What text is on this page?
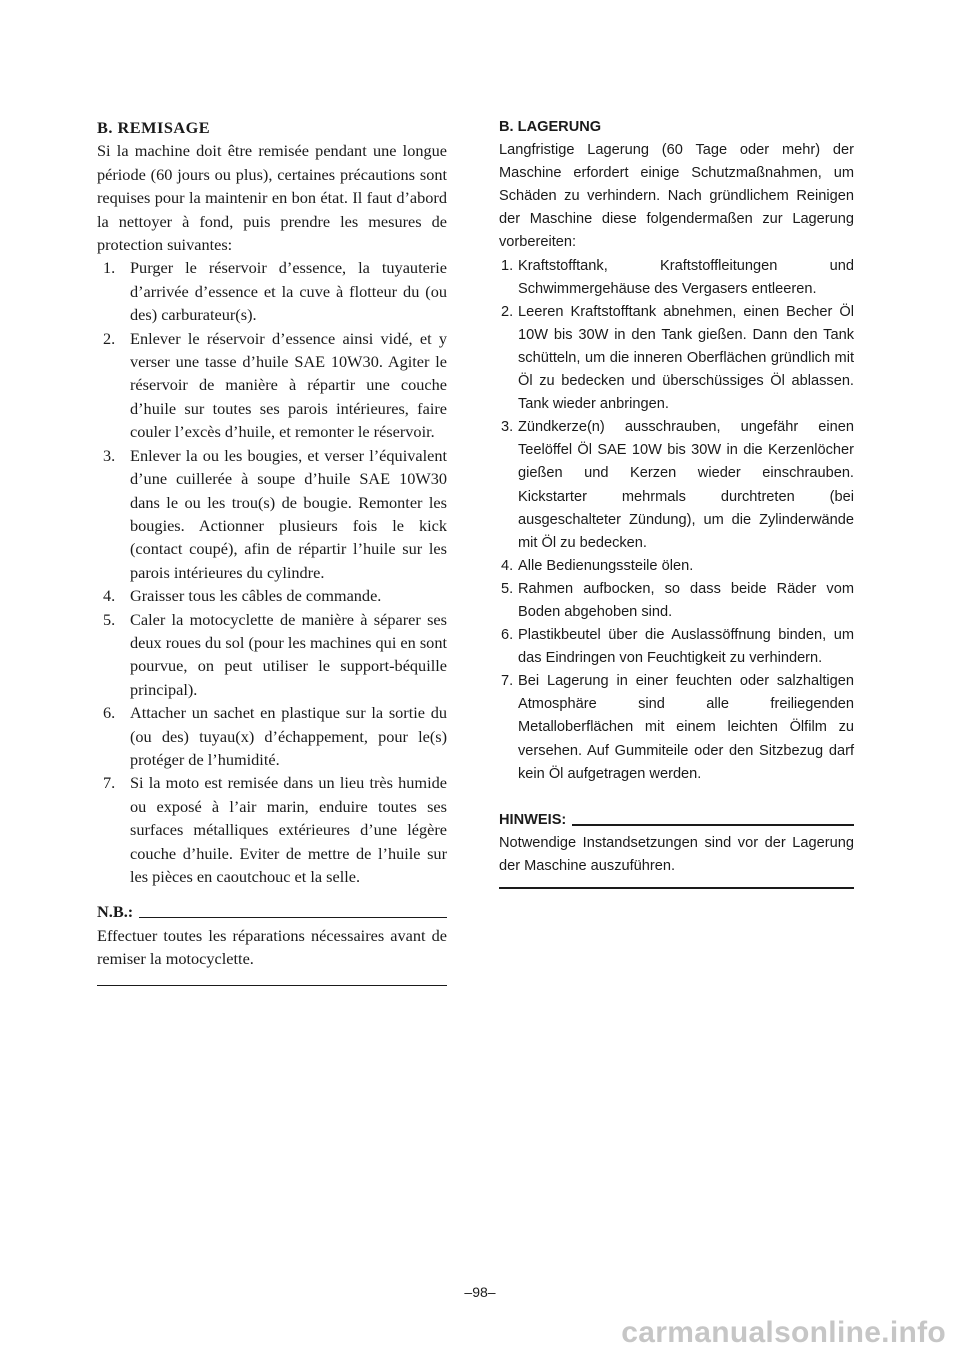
B. REMISAGE

Si la machine doit être remisée pendant une longue période (60 jours ou plus), certaines précautions sont requises pour la maintenir en bon état. Il faut d’abord la nettoyer à fond, puis prendre les mesures de protection suivantes:

1. Purger le réservoir d’essence, la tuyauterie d’arrivée d’essence et la cuve à flotteur du (ou des) carburateur(s).
2. Enlever le réservoir d’essence ainsi vidé, et y verser une tasse d’huile SAE 10W30. Agiter le réservoir de manière à répartir une couche d’huile sur toutes ses parois intérieures, faire couler l’excès d’huile, et remonter le réservoir.
3. Enlever la ou les bougies, et verser l’équivalent d’une cuillerée à soupe d’huile SAE 10W30 dans le ou les trou(s) de bougie. Remonter les bougies. Actionner plusieurs fois le kick (contact coupé), afin de répartir l’huile sur les parois intérieures du cylindre.
4. Graisser tous les câbles de commande.
5. Caler la motocyclette de manière à séparer ses deux roues du sol (pour les machines qui en sont pourvue, on peut utiliser le support-béquille principal).
6. Attacher un sachet en plastique sur la sortie du (ou des) tuyau(x) d’échappement, pour le(s) protéger de l’humidité.
7. Si la moto est remisée dans un lieu très humide ou exposé à l’air marin, enduire toutes ses surfaces métalliques extérieures d’une légère couche d’huile. Eviter de mettre de l’huile sur les pièces en caoutchouc et la selle.
N.B.:

Effectuer toutes les réparations nécessaires avant de remiser la motocyclette.

B. LAGERUNG

Langfristige Lagerung (60 Tage oder mehr) der Maschine erfordert einige Schutzmaßnahmen, um Schäden zu verhindern. Nach gründlichem Reinigen der Maschine diese folgendermaßen zur Lagerung vorbereiten:

1. Kraftstofftank, Kraftstoffleitungen und Schwimmergehäuse des Vergasers entleeren.
2. Leeren Kraftstofftank abnehmen, einen Becher Öl 10W bis 30W in den Tank gießen. Dann den Tank schütteln, um die inneren Oberflächen gründlich mit Öl zu bedecken und überschüssiges Öl ablassen. Tank wieder anbringen.
3. Zündkerze(n) ausschrauben, ungefähr einen Teelöffel Öl SAE 10W bis 30W in die Kerzenlöcher gießen und Kerzen wieder einschrauben. Kickstarter mehrmals durchtreten (bei ausgeschalteter Zündung), um die Zylinderwände mit Öl zu bedecken.
4. Alle Bedienungssteile ölen.
5. Rahmen aufbocken, so dass beide Räder vom Boden abgehoben sind.
6. Plastikbeutel über die Auslassöffnung binden, um das Eindringen von Feuchtigkeit zu verhindern.
7. Bei Lagerung in einer feuchten oder salzhaltigen Atmosphäre sind alle freiliegenden Metalloberflächen mit einem leichten Ölfilm zu versehen. Auf Gummiteile oder den Sitzbezug darf kein Öl aufgetragen werden.
HINWEIS:

Notwendige Instandsetzungen sind vor der Lagerung der Maschine auszuführen.

–98–
carmanualsonline.info
